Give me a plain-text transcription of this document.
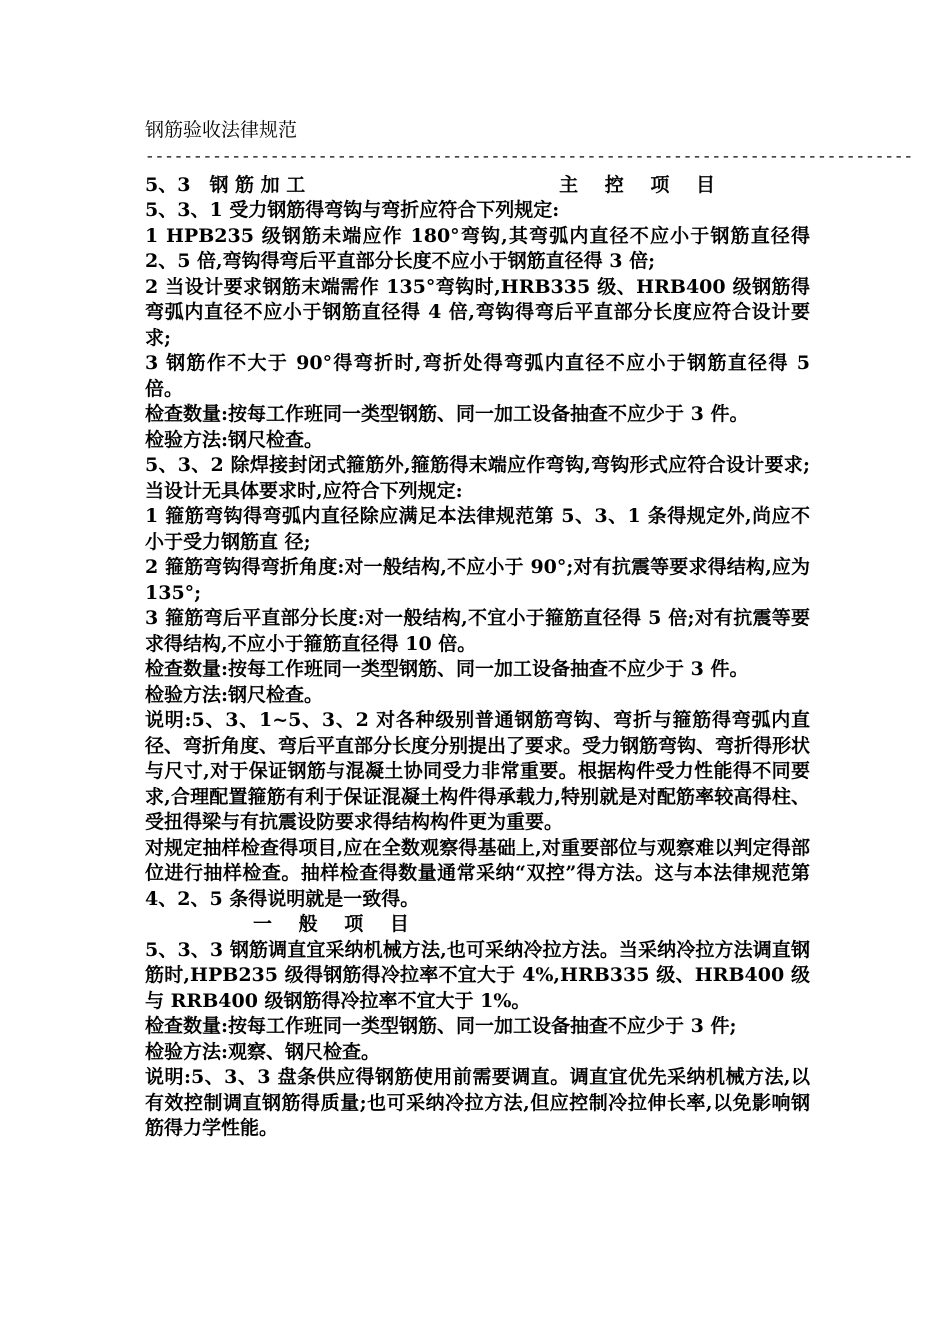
钢筋验收法律规范
--------------------------------------------------------------------------------
5、3　钢 筋 加 工	主 控 项 目

5、3、1 受力钢筋得弯钩与弯折应符合下列规定:

1 HPB235 级钢筋未端应作 180°弯钩,其弯弧内直径不应小于钢筋直径得 2、5 倍,弯钩得弯后平直部分长度不应小于钢筋直径得 3 倍;

2 当设计要求钢筋末端需作 135°弯钩时,HRB335 级、HRB400 级钢筋得弯弧内直径不应小于钢筋直径得 4 倍,弯钩得弯后平直部分长度应符合设计要求;

3 钢筋作不大于 90°得弯折时,弯折处得弯弧内直径不应小于钢筋直径得 5 倍。

检查数量:按每工作班同一类型钢筋、同一加工设备抽查不应少于 3 件。

检验方法:钢尺检查。

5、3、2 除焊接封闭式箍筋外,箍筋得末端应作弯钩,弯钩形式应符合设计要求;当设计无具体要求时,应符合下列规定:

1 箍筋弯钩得弯弧内直径除应满足本法律规范第 5、3、1 条得规定外,尚应不小于受力钢筋直 径;

2 箍筋弯钩得弯折角度:对一般结构,不应小于 90°;对有抗震等要求得结构,应为 135°;

3 箍筋弯后平直部分长度:对一般结构,不宜小于箍筋直径得 5 倍;对有抗震等要求得结构,不应小于箍筋直径得 10 倍。

检查数量:按每工作班同一类型钢筋、同一加工设备抽查不应少于 3 件。

检验方法:钢尺检查。

说明:5、3、1~5、3、2 对各种级别普通钢筋弯钩、弯折与箍筋得弯弧内直径、弯折角度、弯后平直部分长度分别提出了要求。受力钢筋弯钩、弯折得形状与尺寸,对于保证钢筋与混凝土协同受力非常重要。根据构件受力性能得不同要求,合理配置箍筋有利于保证混凝土构件得承载力,特别就是对配筋率较高得柱、受扭得梁与有抗震设防要求得结构构件更为重要。

对规定抽样检查得项目,应在全数观察得基础上,对重要部位与观察难以判定得部位进行抽样检查。抽样检查得数量通常采纳“双控”得方法。这与本法律规范第 4、2、5 条得说明就是一致得。

一 般 项 目

5、3、3 钢筋调直宜采纳机械方法,也可采纳冷拉方法。当采纳冷拉方法调直钢筋时,HPB235 级得钢筋得冷拉率不宜大于 4%,HRB335 级、HRB400 级与 RRB400 级钢筋得冷拉率不宜大于 1%。

检查数量:按每工作班同一类型钢筋、同一加工设备抽查不应少于 3 件;

检验方法:观察、钢尺检查。

说明:5、3、3 盘条供应得钢筋使用前需要调直。调直宜优先采纳机械方法,以有效控制调直钢筋得质量;也可采纳冷拉方法,但应控制冷拉伸长率,以免影响钢筋得力学性能。
